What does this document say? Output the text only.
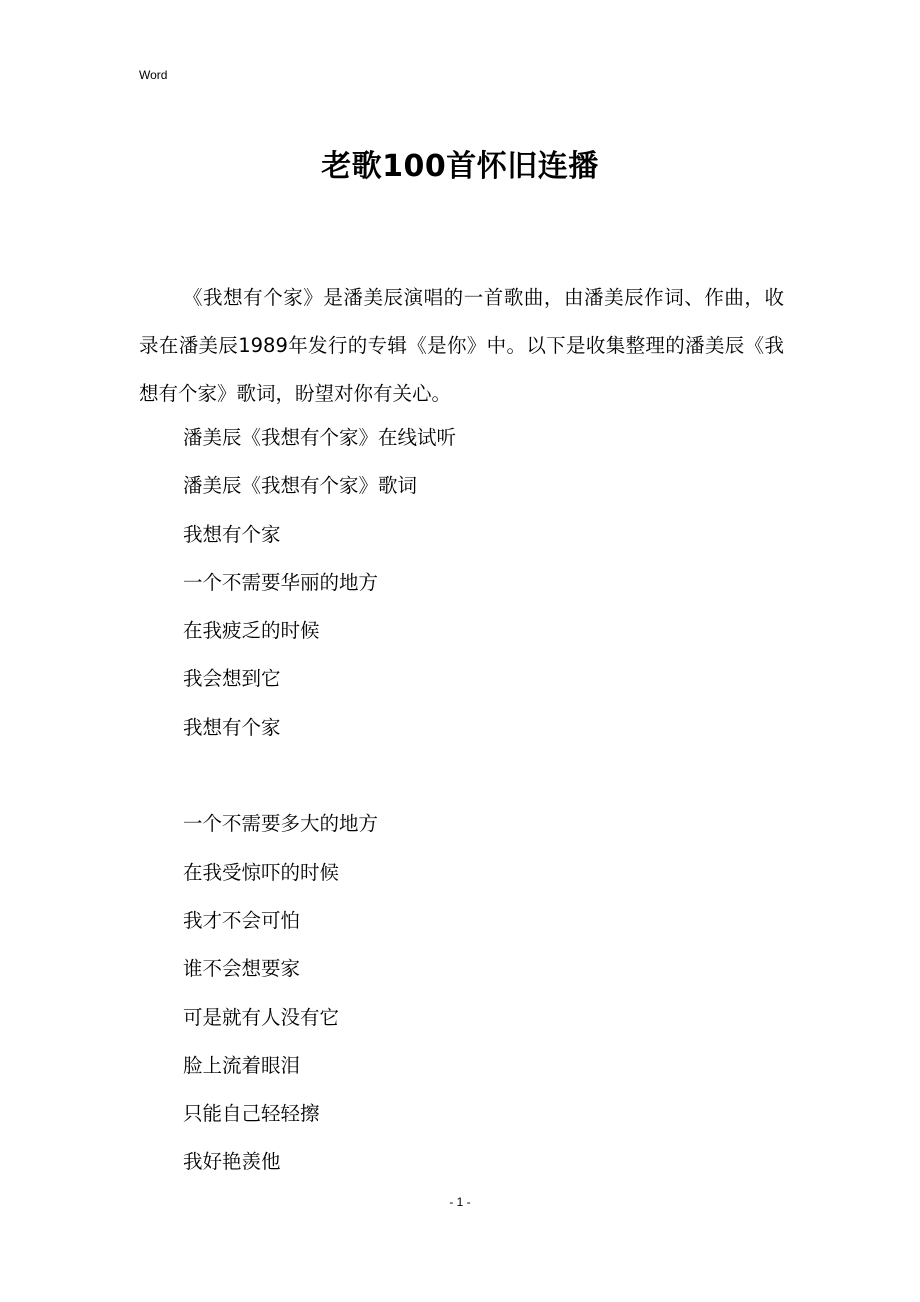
Word
老歌100首怀旧连播

《我想有个家》是潘美辰演唱的一首歌曲，由潘美辰作词、作曲，收录在潘美辰1989年发行的专辑《是你》中。以下是收集整理的潘美辰《我想有个家》歌词，盼望对你有关心。

潘美辰《我想有个家》在线试听
潘美辰《我想有个家》歌词
我想有个家
一个不需要华丽的地方
在我疲乏的时候
我会想到它
我想有个家
一个不需要多大的地方
在我受惊吓的时候
我才不会可怕
谁不会想要家
可是就有人没有它
脸上流着眼泪
只能自己轻轻擦
我好艳羡他
- 1 -
